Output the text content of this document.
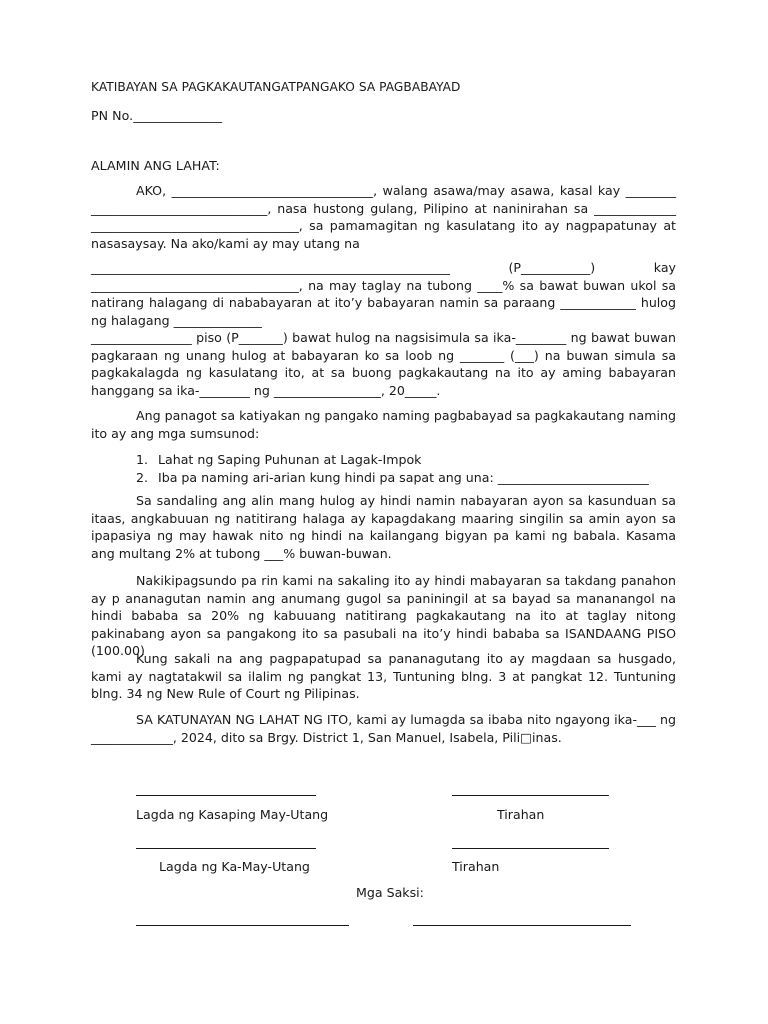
KATIBAYAN SA PAGKAKAUTANGATPANGAKO SA PAGBABAYAD
PN No.______________
ALAMIN ANG LAHAT:
AKO, ________________________________, walang asawa/may asawa, kasal kay ________ ____________________________, nasa hustong gulang, Pilipino at naninirahan sa _____________ _________________________________, sa pamamagitan ng kasulatang ito ay nagpapatunay at nasasaysay. Na ako/kami ay may utang na
_________________________________________________________ (P___________) kay _________________________________, na may taglay na tubong ____% sa bawat buwan ukol sa natirang halagang di nababayaran at ito’y babayaran namin sa paraang ____________ hulog ng halagang ______________
________________ piso (P_______) bawat hulog na nagsisimula sa ika-________ ng bawat buwan pagkaraan ng unang hulog at babayaran ko sa loob ng _______ (___) na buwan simula sa pagkakalagda ng kasulatang ito, at sa buong pagkakautang na ito ay aming babayaran hanggang sa ika-________ ng _________________, 20_____.
Ang panagot sa katiyakan ng pangako naming pagbabayad sa pagkakautang naming ito ay ang mga sumsunod:
1. Lahat ng Saping Puhunan at Lagak-Impok
2. Iba pa naming ari-arian kung hindi pa sapat ang una: ________________________
Sa sandaling ang alin mang hulog ay hindi namin nabayaran ayon sa kasunduan sa itaas, angkabuuan ng natitirang halaga ay kapagdakang maaring singilin sa amin ayon sa ipapasiya ng may hawak nito ng hindi na kailangang bigyan pa kami ng babala. Kasama ang multang 2% at tubong ___% buwan-buwan.
Nakikipagsundo pa rin kami na sakaling ito ay hindi mabayaran sa takdang panahon ay p ananagutan namin ang anumang gugol sa paniningil at sa bayad sa mananangol na hindi bababa sa 20% ng kabuuang natitirang pagkakautang na ito at taglay nitong pakinabang ayon sa pangakong ito sa pasubali na ito’y hindi bababa sa ISANDAANG PISO (100.00)
Kung sakali na ang pagpapatupad sa pananagutang ito ay magdaan sa husgado, kami ay nagtatakwil sa ilalim ng pangkat 13, Tuntuning blng. 3 at pangkat 12. Tuntuning blng. 34 ng New Rule of Court ng Pilipinas.
SA KATUNAYAN NG LAHAT NG ITO, kami ay lumagda sa ibaba nito ngayong ika-___ ng _____________, 2024, dito sa Brgy. District 1, San Manuel, Isabela, Pili□inas.
Lagda ng Kasaping May-Utang	Tirahan
Lagda ng Ka-May-Utang	Tirahan
Mga Saksi:
